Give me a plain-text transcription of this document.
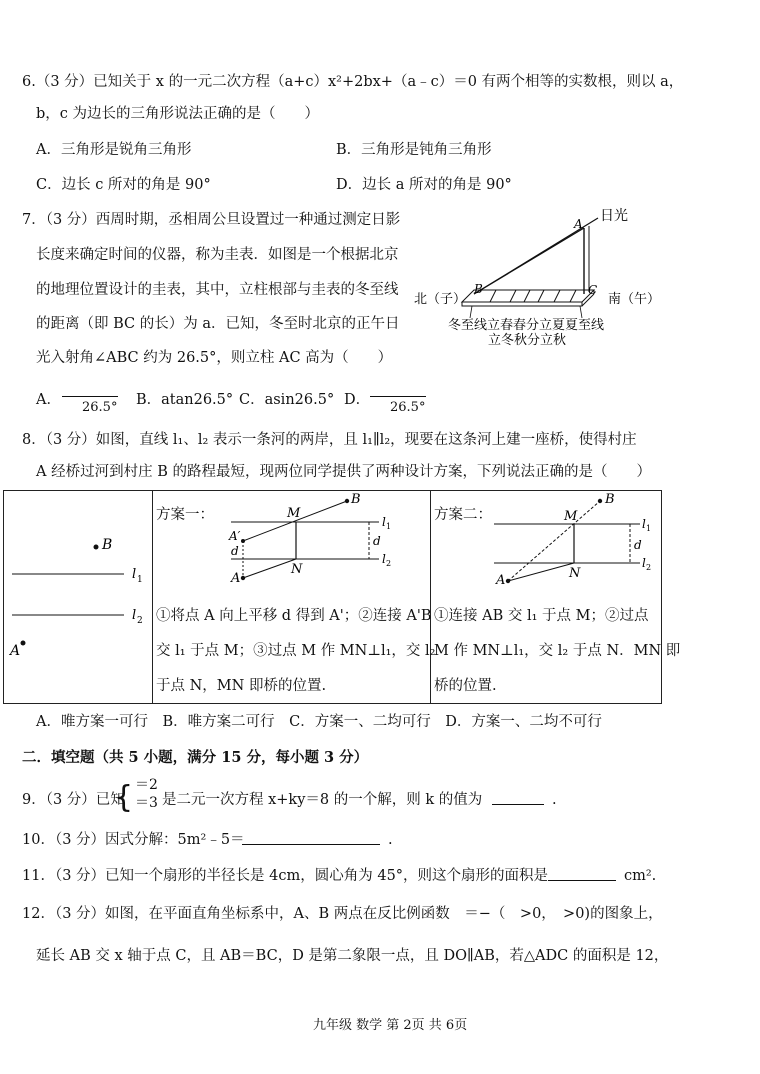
6.（3 分）已知关于 x 的一元二次方程（a+c）x²+2bx+（a﹣c）＝0 有两个相等的实数根，则以 a，
b，c 为边长的三角形说法正确的是（　　）
A．三角形是锐角三角形	B．三角形是钝角三角形
C．边长 c 所对的角是 90°	D．边长 a 所对的角是 90°
7．（3 分）西周时期，丞相周公旦设置过一种通过测定日影
长度来确定时间的仪器，称为圭表．如图是一个根据北京
的地理位置设计的圭表，其中，立柱根部与圭表的冬至线
的距离（即 BC 的长）为 a．已知，冬至时北京的正午日
光入射角∠ABC 约为 26.5°，则立柱 AC 高为（　　）
日光
A
B	C
北（子）	南（午）
冬至线立春春分立夏夏至线
立冬秋分立秋
A． 26.5° B．atan26.5° C．asin26.5° D． 26.5°
8．（3 分）如图，直线 l₁、l₂ 表示一条河的两岸，且 l₁∥l₂，现要在这条河上建一座桥，使得村庄
A 经桥过河到村庄 B 的路程最短，现两位同学提供了两种设计方案，下列说法正确的是（　　）
B
l 1
l 2
A
方案一：	M
B
A′
d
A
N
d
l 1
l 2
①将点 A 向上平移 d 得到 A'；②连接 A'B
交 l₁ 于点 M；③过点 M 作 MN⊥l₁，交 l₂
于点 N，MN 即桥的位置.
方案二：	M
B
A	N
d
l 1
l 2
①连接 AB 交 l₁ 于点 M；②过点
M 作 MN⊥l₁，交 l₂ 于点 N．MN 即
桥的位置.
A．唯方案一可行　B．唯方案二可行　C．方案一、二均可行　D．方案一、二均不可行
二．填空题（共 5 小题，满分 15 分，每小题 3 分）
9．（3 分）已知
{ ＝2
＝3 是二元一次方程 x+ky＝8 的一个解，则 k 的值为	.
10．（3 分）因式分解：5m²﹣5＝	.
11．（3 分）已知一个扇形的半径长是 4cm，圆心角为 45°，则这个扇形的面积是	cm².
12．（3 分）如图，在平面直角坐标系中，A、B 两点在反比例函数　＝−（　>0，　>0)的图象上，
延长 AB 交 x 轴于点 C，且 AB＝BC，D 是第二象限一点，且 DO∥AB，若△ADC 的面积是 12，
九年级 数学 第 2页 共 6页
